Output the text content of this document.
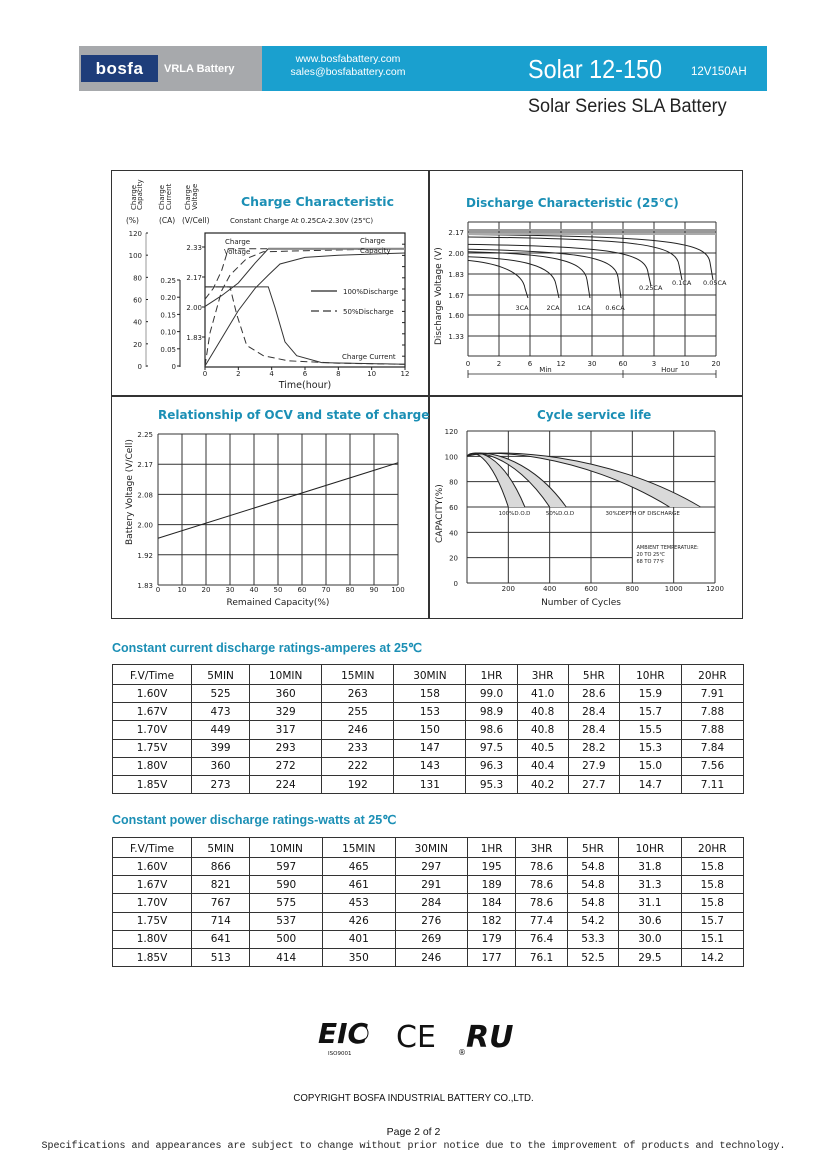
bosfa	VRLA Battery
www.bosfabattery.com
sales@bosfabattery.com	Solar 12-150	12V150AH
Solar Series SLA Battery
Charge Characteristic
Constant Charge At 0.25CA-2.30V (25℃)
Charge
Capacity
(%)
Charge Current
(CA)
Charge Voltage
(V/Cell)
0	2	4	6	8	10	12
Time(hour)
120
100
80
60
40
20
0
0.25
0.20
0.15
0.10
0.05
0
2.33
2.17
2.00
1.83
Charge
Voltage
Charge
Capacity
Charge Current
100%Discharge
50%Discharge
Discharge Characteristic (25℃)
2.17
2.00
1.83
1.67
1.60
1.33
0	2	6	12	30	60	3	10	20
Discharge Voltage (V)
Min	Hour
3CA	2CA	1CA 0.6CA
0.25CA
0.1CA 0.05CA
Relationship of OCV and state of charge
2.25
2.17
2.08
2.00
1.92
1.83 0 10 20 30 40 50 60 70 80 90 100
Remained Capacity(%)
Battery Voltage (V/Cell)
Cycle service life
120
100
80
60
40
20
0
200	400	600	800	1000	1200
Number of Cycles
CAPACITY(%)	100%D.O.D	50%D.O.D	30%DEPTH OF DISCHARGE
AMBIENT TEMPERATURE:
20 TO 25℃
68 TO 77℉
Constant current discharge ratings-amperes at 25℃
F.V/Time	5MIN	10MIN	15MIN	30MIN	1HR	3HR	5HR	10HR	20HR
1.60V	525	360	263	158	99.0	41.0	28.6	15.9	7.91
1.67V	473	329	255	153	98.9	40.8	28.4	15.7	7.88
1.70V	449	317	246	150	98.6	40.8	28.4	15.5	7.88
1.75V	399	293	233	147	97.5	40.5	28.2	15.3	7.84
1.80V	360	272	222	143	96.3	40.4	27.9	15.0	7.56
1.85V	273	224	192	131	95.3	40.2	27.7	14.7	7.11
Constant power discharge ratings-watts at 25℃
F.V/Time	5MIN	10MIN	15MIN	30MIN	1HR	3HR	5HR	10HR	20HR
1.60V	866	597	465	297	195	78.6	54.8	31.8	15.8
1.67V	821	590	461	291	189	78.6	54.8	31.3	15.8
1.70V	767	575	453	284	184	78.6	54.8	31.1	15.8
1.75V	714	537	426	276	182	77.4	54.2	30.6	15.7
1.80V	641	500	401	269	179	76.4	53.3	30.0	15.1
1.85V	513	414	350	246	177	76.1	52.5	29.5	14.2
EIC
ISO9001 CE	® RU
COPYRIGHT BOSFA INDUSTRIAL BATTERY CO.,LTD.
Page 2 of 2
Specifications and appearances are subject to change without prior notice due to the improvement of products and technology.
